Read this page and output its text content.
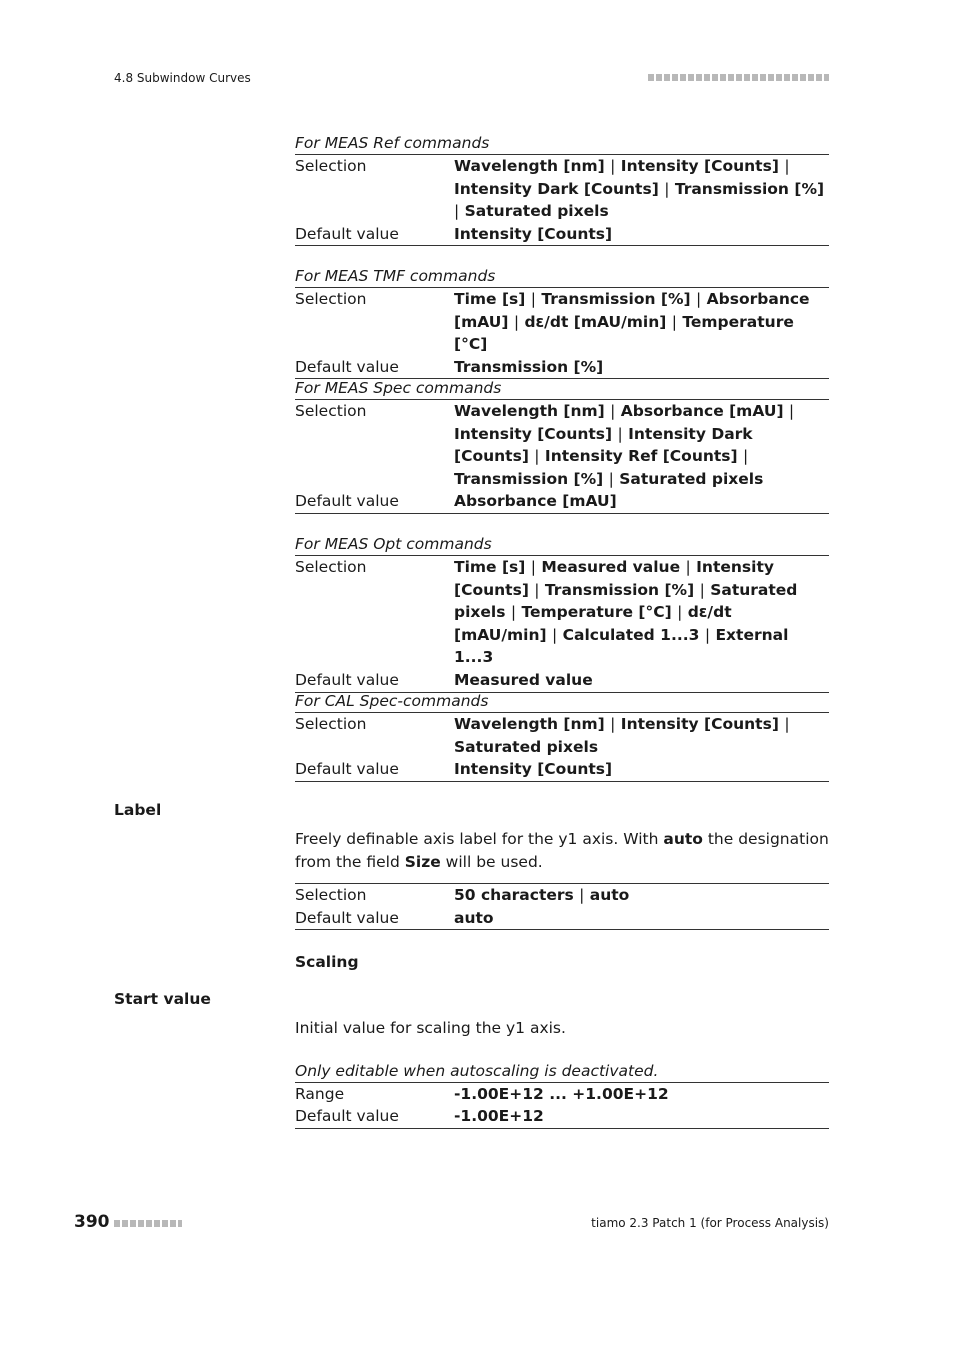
4.8 Subwindow Curves
For MEAS Ref commands
Selection	Wavelength [nm] | Intensity [Counts] | Intensity Dark [Counts] | Transmission [%] | Saturated pixels
Default value	Intensity [Counts]
For MEAS TMF commands
Selection	Time [s] | Transmission [%] | Absorbance [mAU] | dε/dt [mAU/min] | Temperature [°C]
Default value	Transmission [%]
For MEAS Spec commands
Selection	Wavelength [nm] | Absorbance [mAU] | Intensity [Counts] | Intensity Dark [Counts] | Intensity Ref [Counts] | Transmission [%] | Saturated pixels
Default value	Absorbance [mAU]
For MEAS Opt commands
Selection	Time [s] | Measured value | Intensity [Counts] | Transmission [%] | Saturated pixels | Temperature [°C] | dε/dt [mAU/min] | Calculated 1...3 | External 1...3
Default value	Measured value
For CAL Spec-commands
Selection	Wavelength [nm] | Intensity [Counts] | Saturated pixels
Default value	Intensity [Counts]
Label
Freely definable axis label for the y1 axis. With auto the designation from the field Size will be used.
Selection	50 characters | auto
Default value	auto
Scaling
Start value
Initial value for scaling the y1 axis.
Only editable when autoscaling is deactivated.
Range	-1.00E+12 ... +1.00E+12
Default value	-1.00E+12
390	tiamo 2.3 Patch 1 (for Process Analysis)
